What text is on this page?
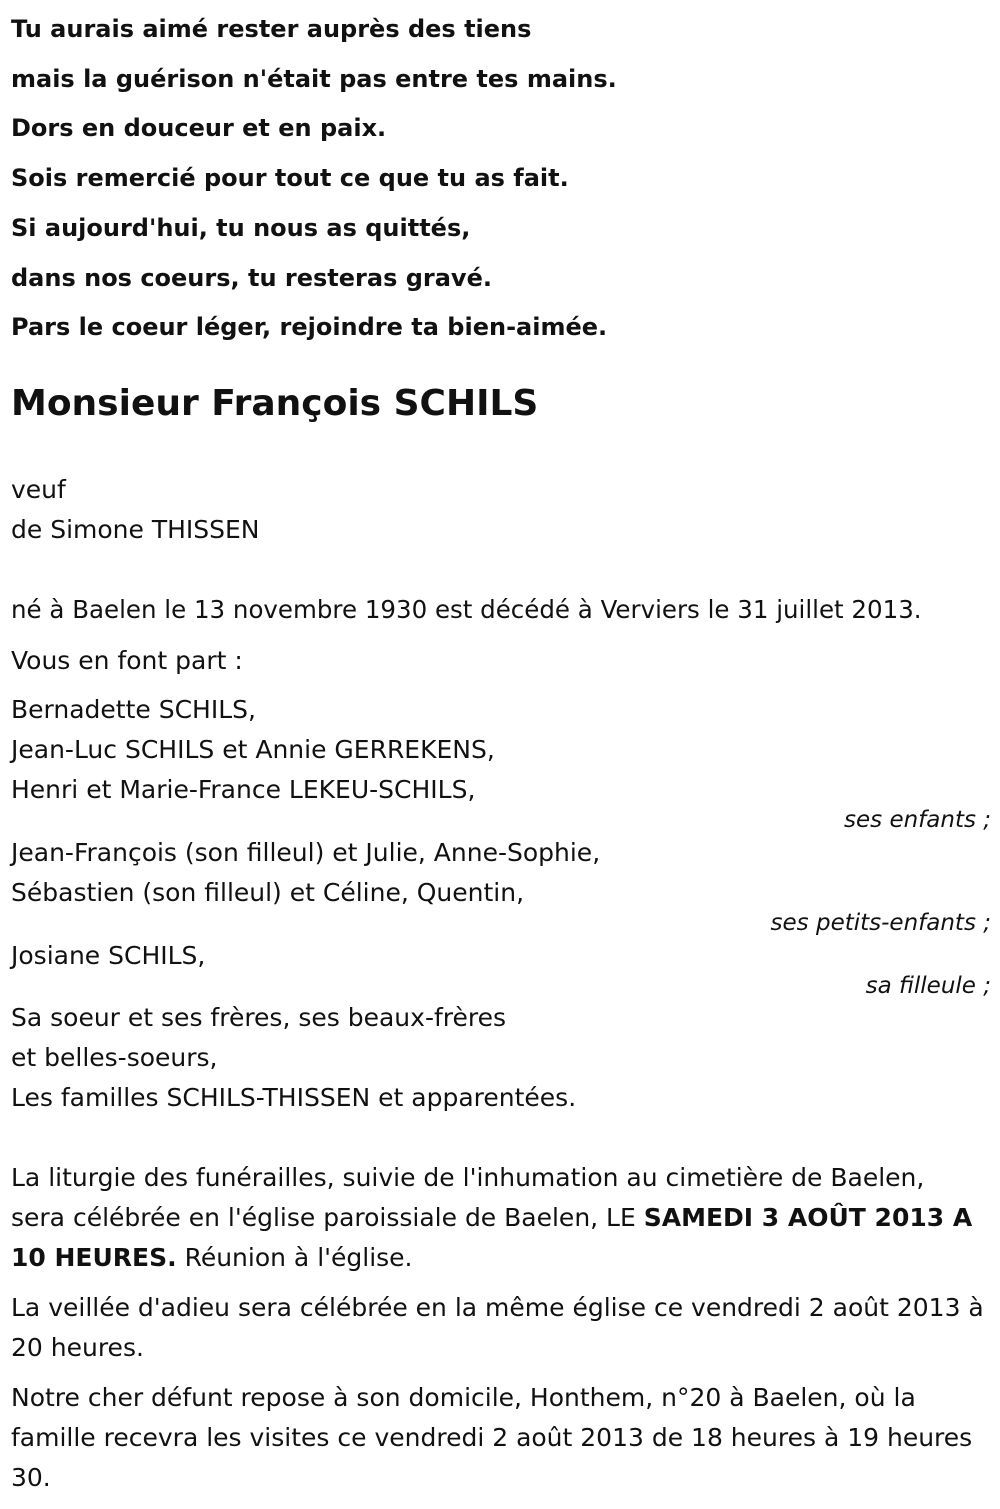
Tu aurais aimé rester auprès des tiens
mais la guérison n'était pas entre tes mains.
Dors en douceur et en paix.
Sois remercié pour tout ce que tu as fait.
Si aujourd'hui, tu nous as quittés,
dans nos coeurs, tu resteras gravé.
Pars le coeur léger, rejoindre ta bien-aimée.
Monsieur François SCHILS
veuf
de Simone THISSEN
né à Baelen le 13 novembre 1930 est décédé à Verviers le 31 juillet 2013.
Vous en font part :
Bernadette SCHILS,
Jean-Luc SCHILS et Annie GERREKENS,
Henri et Marie-France LEKEU-SCHILS,
ses enfants ;
Jean-François (son filleul) et Julie, Anne-Sophie,
Sébastien (son filleul) et Céline, Quentin,
ses petits-enfants ;
Josiane SCHILS,
sa filleule ;
Sa soeur et ses frères, ses beaux-frères
et belles-soeurs,
Les familles SCHILS-THISSEN et apparentées.
La liturgie des funérailles, suivie de l'inhumation au cimetière de Baelen,
sera célébrée en l'église paroissiale de Baelen, LE SAMEDI 3 AOÛT 2013 A
10 HEURES. Réunion à l'église.
La veillée d'adieu sera célébrée en la même église ce vendredi 2 août 2013 à 20 heures.
Notre cher défunt repose à son domicile, Honthem, n°20 à Baelen, où la famille recevra les visites ce vendredi 2 août 2013 de 18 heures à 19 heures 30.
